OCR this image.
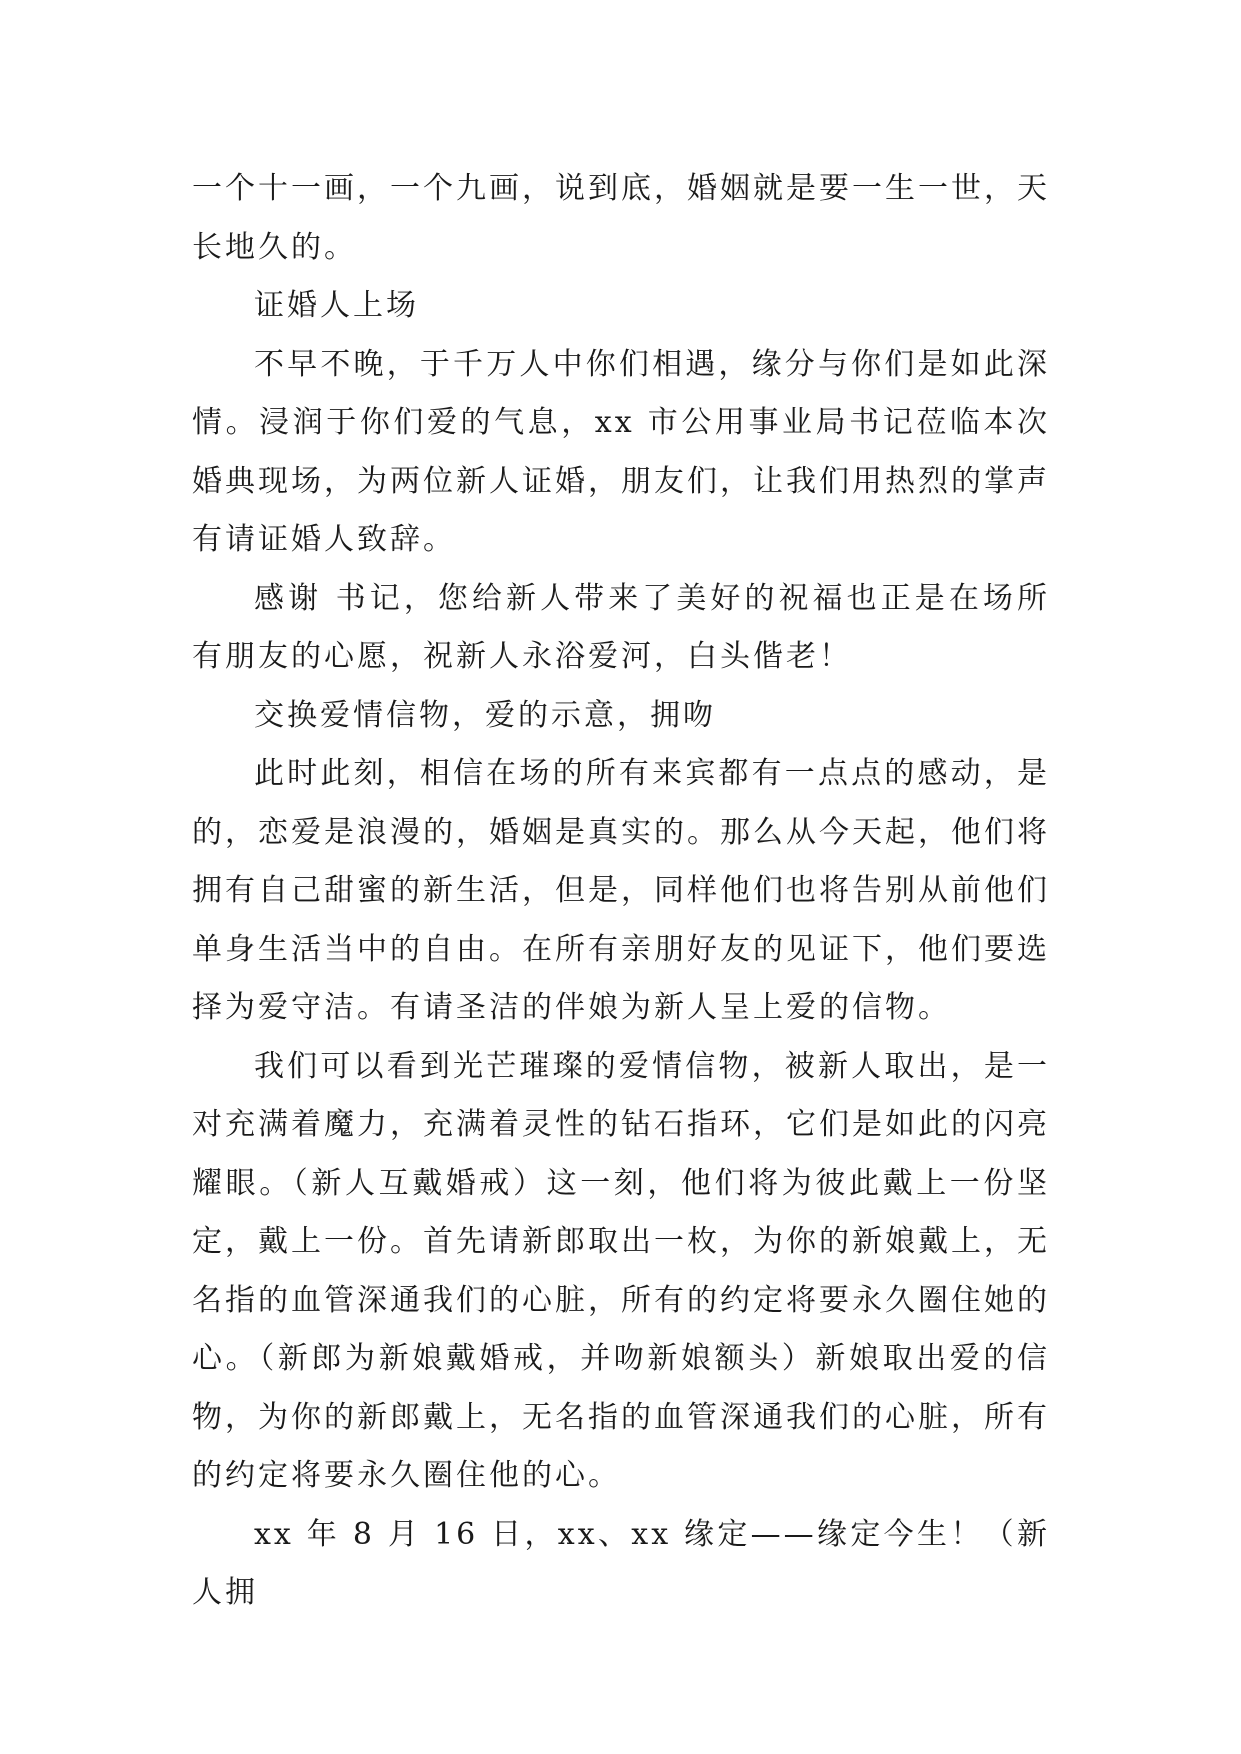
一个十一画，一个九画，说到底，婚姻就是要一生一世，天长地久的。

证婚人上场

不早不晚，于千万人中你们相遇，缘分与你们是如此深情。浸润于你们爱的气息，xx 市公用事业局书记莅临本次婚典现场，为两位新人证婚，朋友们，让我们用热烈的掌声有请证婚人致辞。

感谢 书记，您给新人带来了美好的祝福也正是在场所有朋友的心愿，祝新人永浴爱河，白头偕老！

交换爱情信物，爱的示意，拥吻

此时此刻，相信在场的所有来宾都有一点点的感动，是的，恋爱是浪漫的，婚姻是真实的。那么从今天起，他们将拥有自己甜蜜的新生活，但是，同样他们也将告别从前他们单身生活当中的自由。在所有亲朋好友的见证下，他们要选择为爱守洁。有请圣洁的伴娘为新人呈上爱的信物。

我们可以看到光芒璀璨的爱情信物，被新人取出，是一对充满着魔力，充满着灵性的钻石指环，它们是如此的闪亮耀眼。（新人互戴婚戒）这一刻，他们将为彼此戴上一份坚定，戴上一份。首先请新郎取出一枚，为你的新娘戴上，无名指的血管深通我们的心脏，所有的约定将要永久圈住她的心。（新郎为新娘戴婚戒，并吻新娘额头）新娘取出爱的信物，为你的新郎戴上，无名指的血管深通我们的心脏，所有的约定将要永久圈住他的心。

xx 年 8 月 16 日，xx、xx 缘定——缘定今生！（新人拥
